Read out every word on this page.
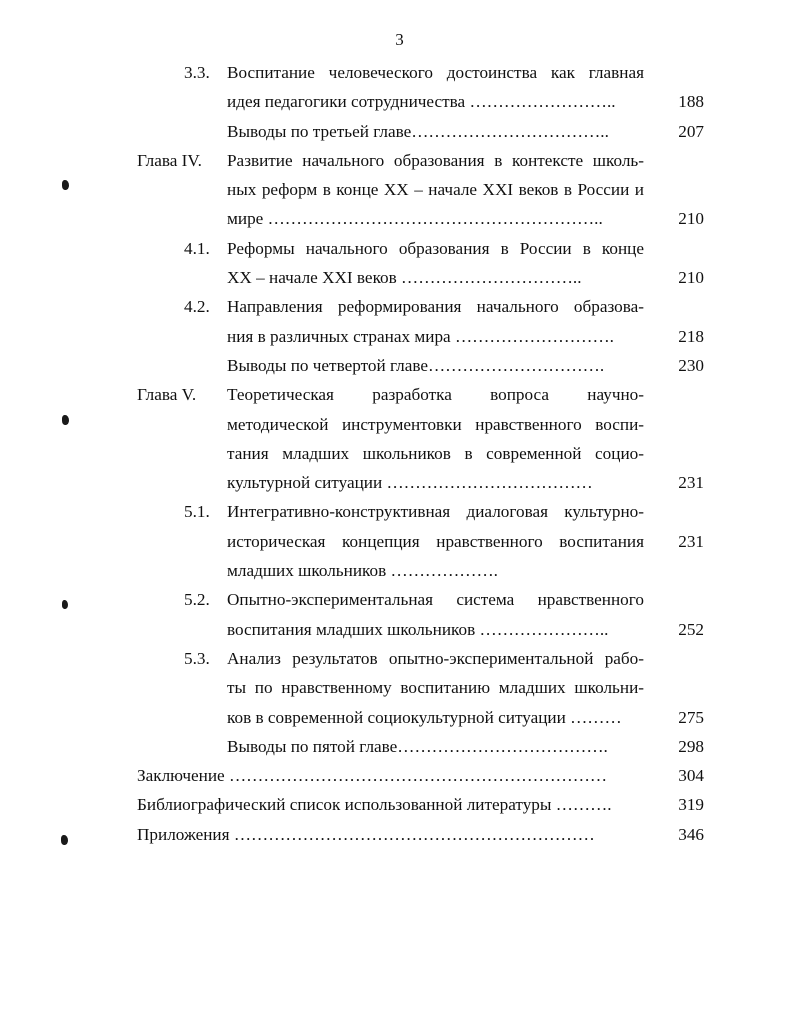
3
3.3. Воспитание человеческого достоинства как главная
идея педагогики сотрудничества ……………………..	188
Выводы по третьей главе……………………………..	207
Глава IV. Развитие начального образования в контексте школь-
ных реформ в конце XX – начале XXI веков в России и
мире …………………………………………………..	210
4.1. Реформы начального образования в России в конце
XX – начале XXI веков …………………………..	210
4.2. Направления реформирования начального образова-
ния в различных странах мира ……………………….	218
Выводы по четвертой главе………………………….	230
Глава V. Теоретическая разработка вопроса научно-
методической инструментовки нравственного воспи-
тания младших школьников в современной социо-
культурной ситуации ………………………………	231
5.1. Интегративно-конструктивная диалоговая культурно-
историческая концепция нравственного воспитания	231
младших школьников ……………….
5.2. Опытно-экспериментальная система нравственного
воспитания младших школьников …………………..	252
5.3. Анализ результатов опытно-экспериментальной рабо-
ты по нравственному воспитанию младших школьни-
ков в современной социокультурной ситуации ………	275
Выводы по пятой главе……………………………….	298
Заключение …………………………………………………………	304
Библиографический список использованной литературы ……….	319
Приложения ………………………………………………………	346
